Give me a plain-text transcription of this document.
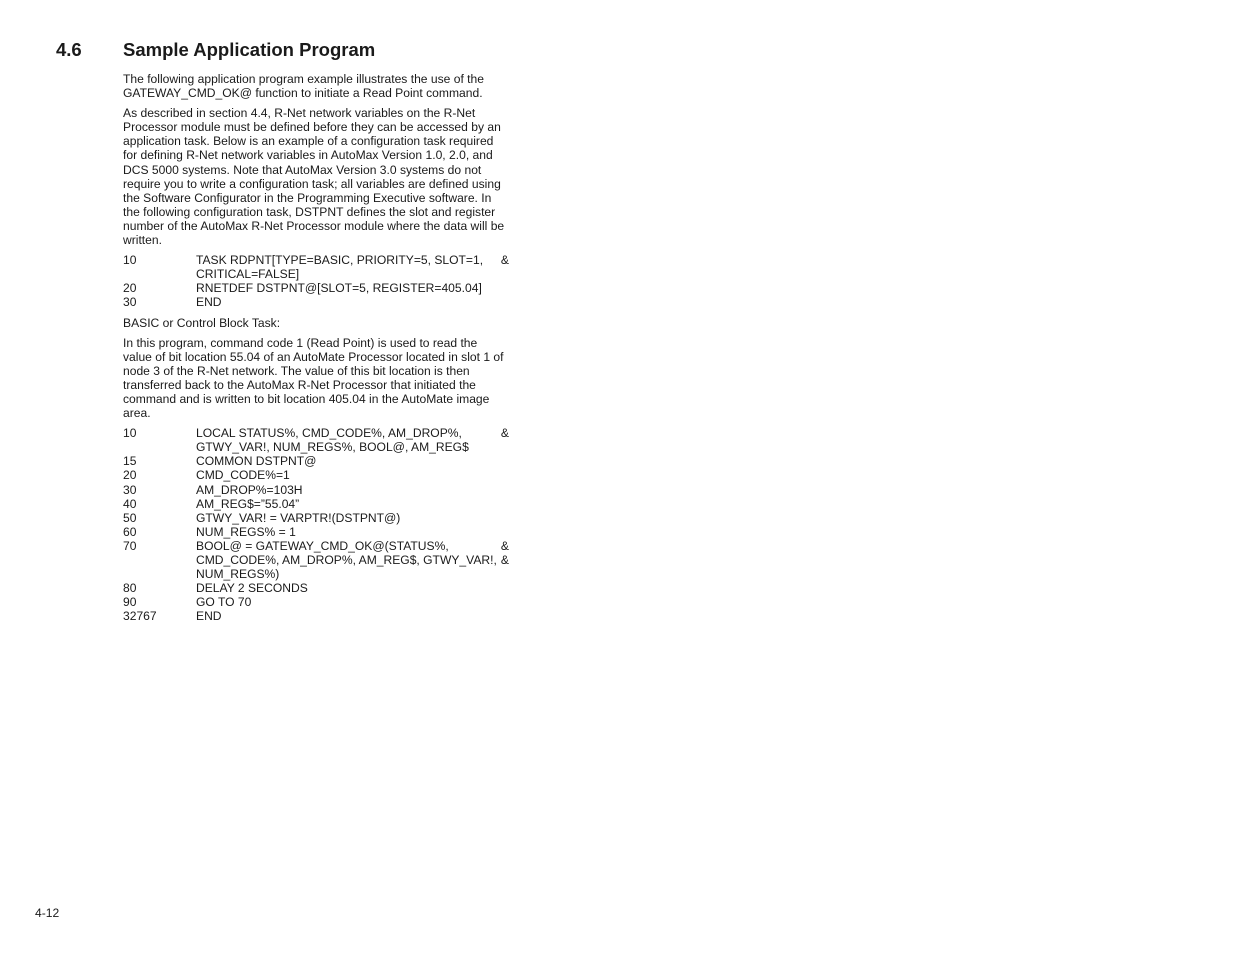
4.6 Sample Application Program

The following application program example illustrates the use of the GATEWAY_CMD_OK@ function to initiate a Read Point command.

As described in section 4.4, R-Net network variables on the R-Net Processor module must be defined before they can be accessed by an application task. Below is an example of a configuration task required for defining R-Net network variables in AutoMax Version 1.0, 2.0, and DCS 5000 systems. Note that AutoMax Version 3.0 systems do not require you to write a configuration task; all variables are defined using the Software Configurator in the Programming Executive software. In the following configuration task, DSTPNT defines the slot and register number of the AutoMax R-Net Processor module where the data will be written.

10	TASK RDPNT[TYPE=BASIC, PRIORITY=5, SLOT=1,	&
CRITICAL=FALSE]
20	RNETDEF DSTPNT@[SLOT=5, REGISTER=405.04]
30	END

BASIC or Control Block Task:

In this program, command code 1 (Read Point) is used to read the value of bit location 55.04 of an AutoMate Processor located in slot 1 of node 3 of the R-Net network. The value of this bit location is then transferred back to the AutoMax R-Net Processor that initiated the command and is written to bit location 405.04 in the AutoMate image area.

10	LOCAL STATUS%, CMD_CODE%, AM_DROP%,	&
GTWY_VAR!, NUM_REGS%, BOOL@, AM_REG$
15	COMMON DSTPNT@
20	CMD_CODE%=1
30	AM_DROP%=103H
40	AM_REG$=”55.04”
50	GTWY_VAR! = VARPTR!(DSTPNT@)
60	NUM_REGS% = 1
70	BOOL@ = GATEWAY_CMD_OK@(STATUS%,	&
CMD_CODE%, AM_DROP%, AM_REG$, GTWY_VAR!, &
NUM_REGS%)
80	DELAY 2 SECONDS
90	GO TO 70
32767	END
4-12
